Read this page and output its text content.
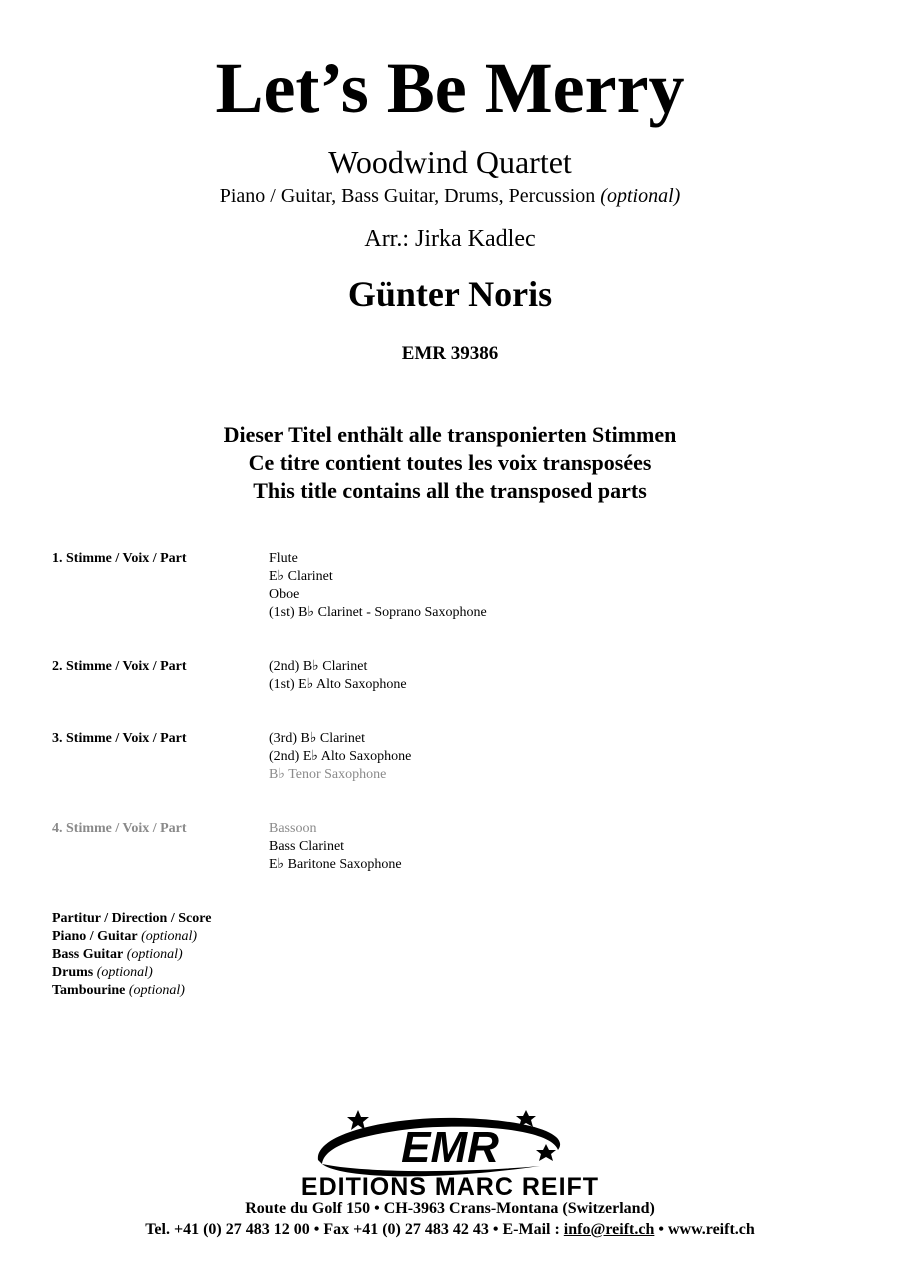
Let’s Be Merry
Woodwind Quartet
Piano / Guitar, Bass Guitar, Drums, Percussion (optional)
Arr.: Jirka Kadlec
Günter Noris
EMR 39386
Dieser Titel enthält alle transponierten Stimmen
Ce titre contient toutes les voix transposées
This title contains all the transposed parts
1. Stimme / Voix / Part	Flute
E♭ Clarinet
Oboe
(1st) B♭ Clarinet - Soprano Saxophone
2. Stimme / Voix / Part	(2nd) B♭ Clarinet
(1st) E♭ Alto Saxophone
3. Stimme / Voix / Part	(3rd) B♭ Clarinet
(2nd) E♭ Alto Saxophone
B♭ Tenor Saxophone
4. Stimme / Voix / Part	Bassoon
Bass Clarinet
E♭ Baritone Saxophone
Partitur / Direction / Score
Piano / Guitar (optional)
Bass Guitar (optional)
Drums (optional)
Tambourine (optional)
EMR
EDITIONS MARC REIFT
Route du Golf 150 • CH-3963 Crans-Montana (Switzerland)
Tel. +41 (0) 27 483 12 00 • Fax +41 (0) 27 483 42 43 • E-Mail : info@reift.ch • www.reift.ch
